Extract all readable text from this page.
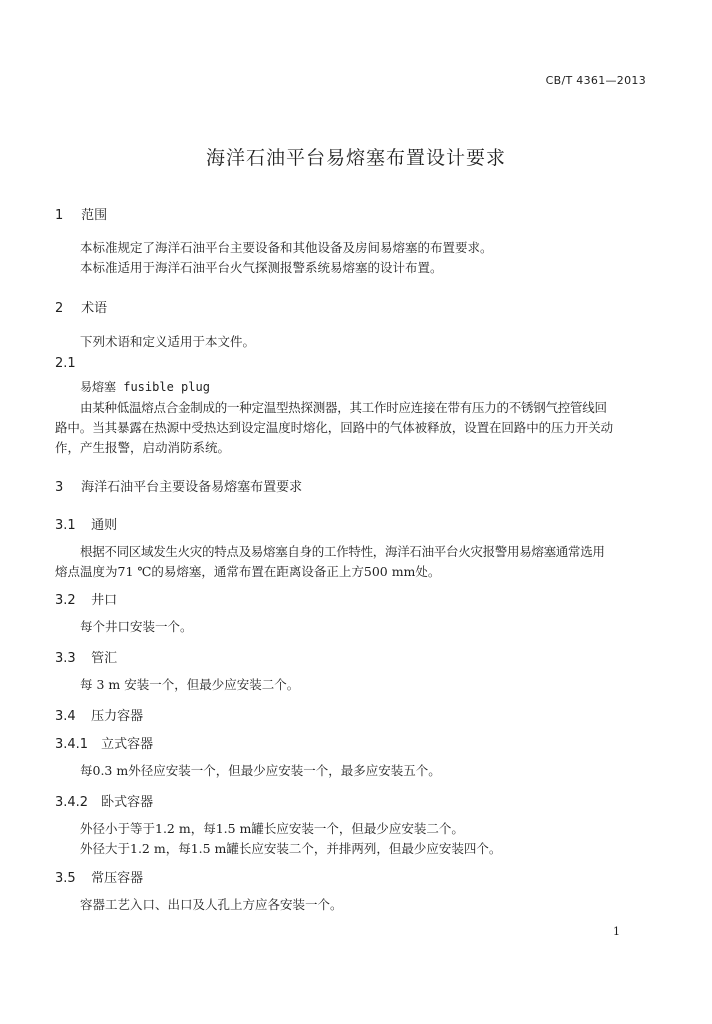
CB/T 4361—2013
海洋石油平台易熔塞布置设计要求
1 范围
本标准规定了海洋石油平台主要设备和其他设备及房间易熔塞的布置要求。
本标准适用于海洋石油平台火气探测报警系统易熔塞的设计布置。
2 术语
下列术语和定义适用于本文件。
2.1
易熔塞 fusible plug
由某种低温熔点合金制成的一种定温型热探测器，其工作时应连接在带有压力的不锈钢气控管线回
路中。当其暴露在热源中受热达到设定温度时熔化，回路中的气体被释放，设置在回路中的压力开关动
作，产生报警，启动消防系统。
3 海洋石油平台主要设备易熔塞布置要求
3.1 通则
根据不同区域发生火灾的特点及易熔塞自身的工作特性，海洋石油平台火灾报警用易熔塞通常选用
熔点温度为71 ℃的易熔塞，通常布置在距离设备正上方500 mm处。
3.2 井口
每个井口安装一个。
3.3 管汇
每 3 m 安装一个，但最少应安装二个。
3.4 压力容器
3.4.1 立式容器
每0.3 m外径应安装一个，但最少应安装一个，最多应安装五个。
3.4.2 卧式容器
外径小于等于1.2 m，每1.5 m罐长应安装一个，但最少应安装二个。
外径大于1.2 m，每1.5 m罐长应安装二个，并排两列，但最少应安装四个。
3.5 常压容器
容器工艺入口、出口及人孔上方应各安装一个。
1
